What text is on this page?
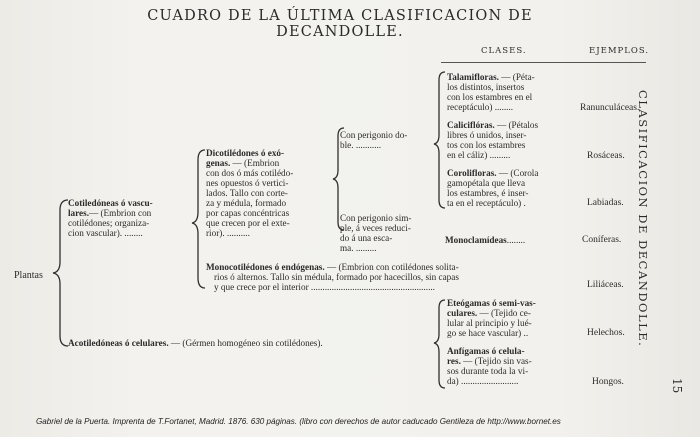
CUADRO DE LA ÚLTIMA CLASIFICACION DE DECANDOLLE.
CLASES.	EJEMPLOS.
CLASIFICACION DE DECANDOLLE.
15
Plantas
Cotiledóneas ó vascu-
lares.— (Embrion con
cotilédones; organiza-
cion vascular). ........
Dicotilédones ó exó-
genas. — (Embrion
con dos ó más cotilédo-
nes opuestos ó vertici-
lados. Tallo con corte-
za y médula, formado
por capas concéntricas
que crecen por el exte-
rior). ..........
Con perigonio do-
ble. ...........
Con perigonio sim-
ple, á veces reduci-
do á una esca-
ma. .........
Talamifloras. — (Péta-
los distintos, insertos
con los estambres en el
receptáculo) ........
Caliciflóras. — (Pétalos
libres ó unidos, inser-
tos con los estambres
en el cáliz) .........
Corolifloras. — (Corola
gamopétala que lleva
los estambres, é inser-
ta en el receptáculo) .
Monoclamídeas........
Monocotilédones ó endógenas. — (Embrion con cotilédones solita-
rios ó alternos. Tallo sin médula, formado por hacecillos, sin capas
y que crece por el interior ......................................................
Acotiledóneas ó celulares. — (Gérmen homogéneo sin cotilédones).
Eteógamas ó semi-vas-
culares. — (Tejido ce-
lular al principio y lué-
go se hace vascular) ..
Anfígamas ó celula-
res. — (Tejido sin vas-
sos durante toda la vi-
da) .........................
Ranunculáceas.
Rosáceas.
Labiadas.
Coníferas.
Liliáceas.
Helechos.
Hongos.
Gabriel de la Puerta. Imprenta de T.Fortanet, Madrid. 1876. 630 páginas. (libro con derechos de autor caducado Gentileza de http://www.bornet.es
